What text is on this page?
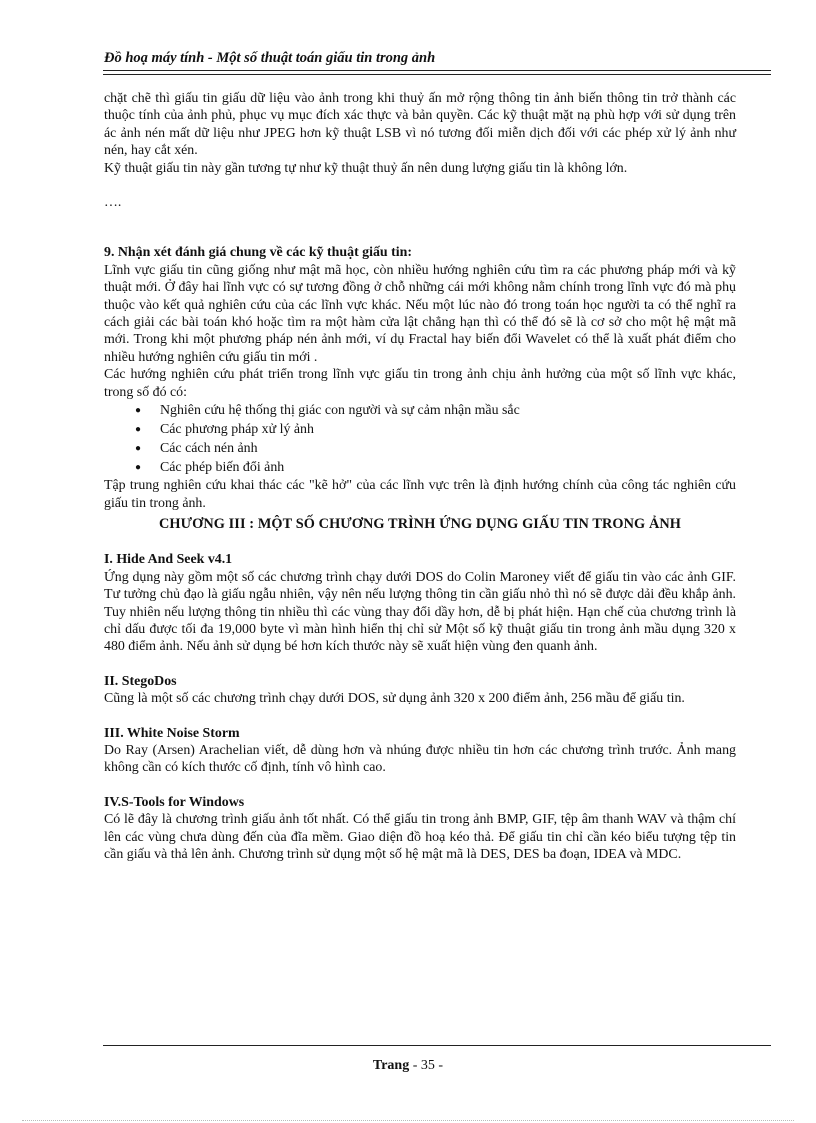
Đồ hoạ máy tính - Một số thuật toán giấu tin trong ảnh

chặt chẽ thì giấu tin giấu dữ liệu vào ảnh trong khi thuỷ ấn mở rộng thông tin ảnh biến thông tin trở thành các thuộc tính của ảnh phủ, phục vụ mục đích xác thực và bản quyền. Các kỹ thuật mặt nạ phù hợp với sử dụng trên ác ảnh nén mất dữ liệu như JPEG hơn kỹ thuật LSB vì nó tương đối miễn dịch đối với các phép xử lý ảnh như nén, hay cắt xén.

Kỹ thuật giấu tin này gần tương tự như kỹ thuật thuỷ ấn nên dung lượng giấu tin là không lớn.

….

9. Nhận xét đánh giá chung về các kỹ thuật giấu tin:

Lĩnh vực giấu tin cũng giống như mật mã học, còn nhiều hướng nghiên cứu tìm ra các phương pháp mới và kỹ thuật mới. Ở đây hai lĩnh vực có sự tương đồng ở chỗ những cái mới không nằm chính trong lĩnh vực đó mà phụ thuộc vào kết quả nghiên cứu của các lĩnh vực khác. Nếu một lúc nào đó trong toán học người ta có thể nghĩ ra cách giải các bài toán khó hoặc tìm ra một hàm cửa lật chẳng hạn thì có thể đó sẽ là cơ sở cho một hệ mật mã mới. Trong khi một phương pháp nén ảnh mới, ví dụ Fractal hay biến đổi Wavelet có thể là xuất phát điểm cho nhiều hướng nghiên cứu giấu tin mới .

Các hướng nghiên cứu phát triển trong lĩnh vực giấu tin trong ảnh chịu ảnh hưởng của một số lĩnh vực khác, trong số đó có:

● Nghiên cứu hệ thống thị giác con người và sự cảm nhận mầu sắc
● Các phương pháp xử lý ảnh
● Các cách nén ảnh
● Các phép biến đổi ảnh

Tập trung nghiên cứu khai thác các "kẽ hở" của các lĩnh vực trên là định hướng chính của công tác nghiên cứu giấu tin trong ảnh.

CHƯƠNG III : MỘT SỐ CHƯƠNG TRÌNH ỨNG DỤNG GIẤU TIN TRONG ẢNH
I. Hide And Seek v4.1

Ứng dụng này gồm một số các chương trình chạy dưới DOS do Colin Maroney viết để giấu tin vào các ảnh GIF. Tư tưởng chủ đạo là giấu ngẫu nhiên, vậy nên nếu lượng thông tin cần giấu nhỏ thì nó sẽ được dải đều khắp ảnh. Tuy nhiên nếu lượng thông tin nhiều thì các vùng thay đổi dầy hơn, dễ bị phát hiện. Hạn chế của chương trình là chỉ dấu được tối đa 19,000 byte vì màn hình hiển thị chỉ sử Một số kỹ thuật giấu tin trong ảnh mầu dụng 320 x 480 điểm ảnh. Nếu ảnh sử dụng bé hơn kích thước này sẽ xuất hiện vùng đen quanh ảnh.

II. StegoDos

Cũng là một số các chương trình chạy dưới DOS, sử dụng ảnh 320 x 200 điểm ảnh, 256 mầu để giấu tin.

III. White Noise Storm

Do Ray (Arsen) Arachelian viết, dễ dùng hơn và nhúng được nhiều tin hơn các chương trình trước. Ảnh mang không cần có kích thước cố định, tính vô hình cao.

IV.S-Tools for Windows

Có lẽ đây là chương trình giấu ảnh tốt nhất. Có thể giấu tin trong ảnh BMP, GIF, tệp âm thanh WAV và thậm chí lên các vùng chưa dùng đến của đĩa mềm. Giao diện đồ hoạ kéo thả. Để giấu tin chỉ cần kéo biểu tượng tệp tin cần giấu và thả lên ảnh. Chương trình sử dụng một số hệ mật mã là DES, DES ba đoạn, IDEA và MDC.

Trang - 35 -
